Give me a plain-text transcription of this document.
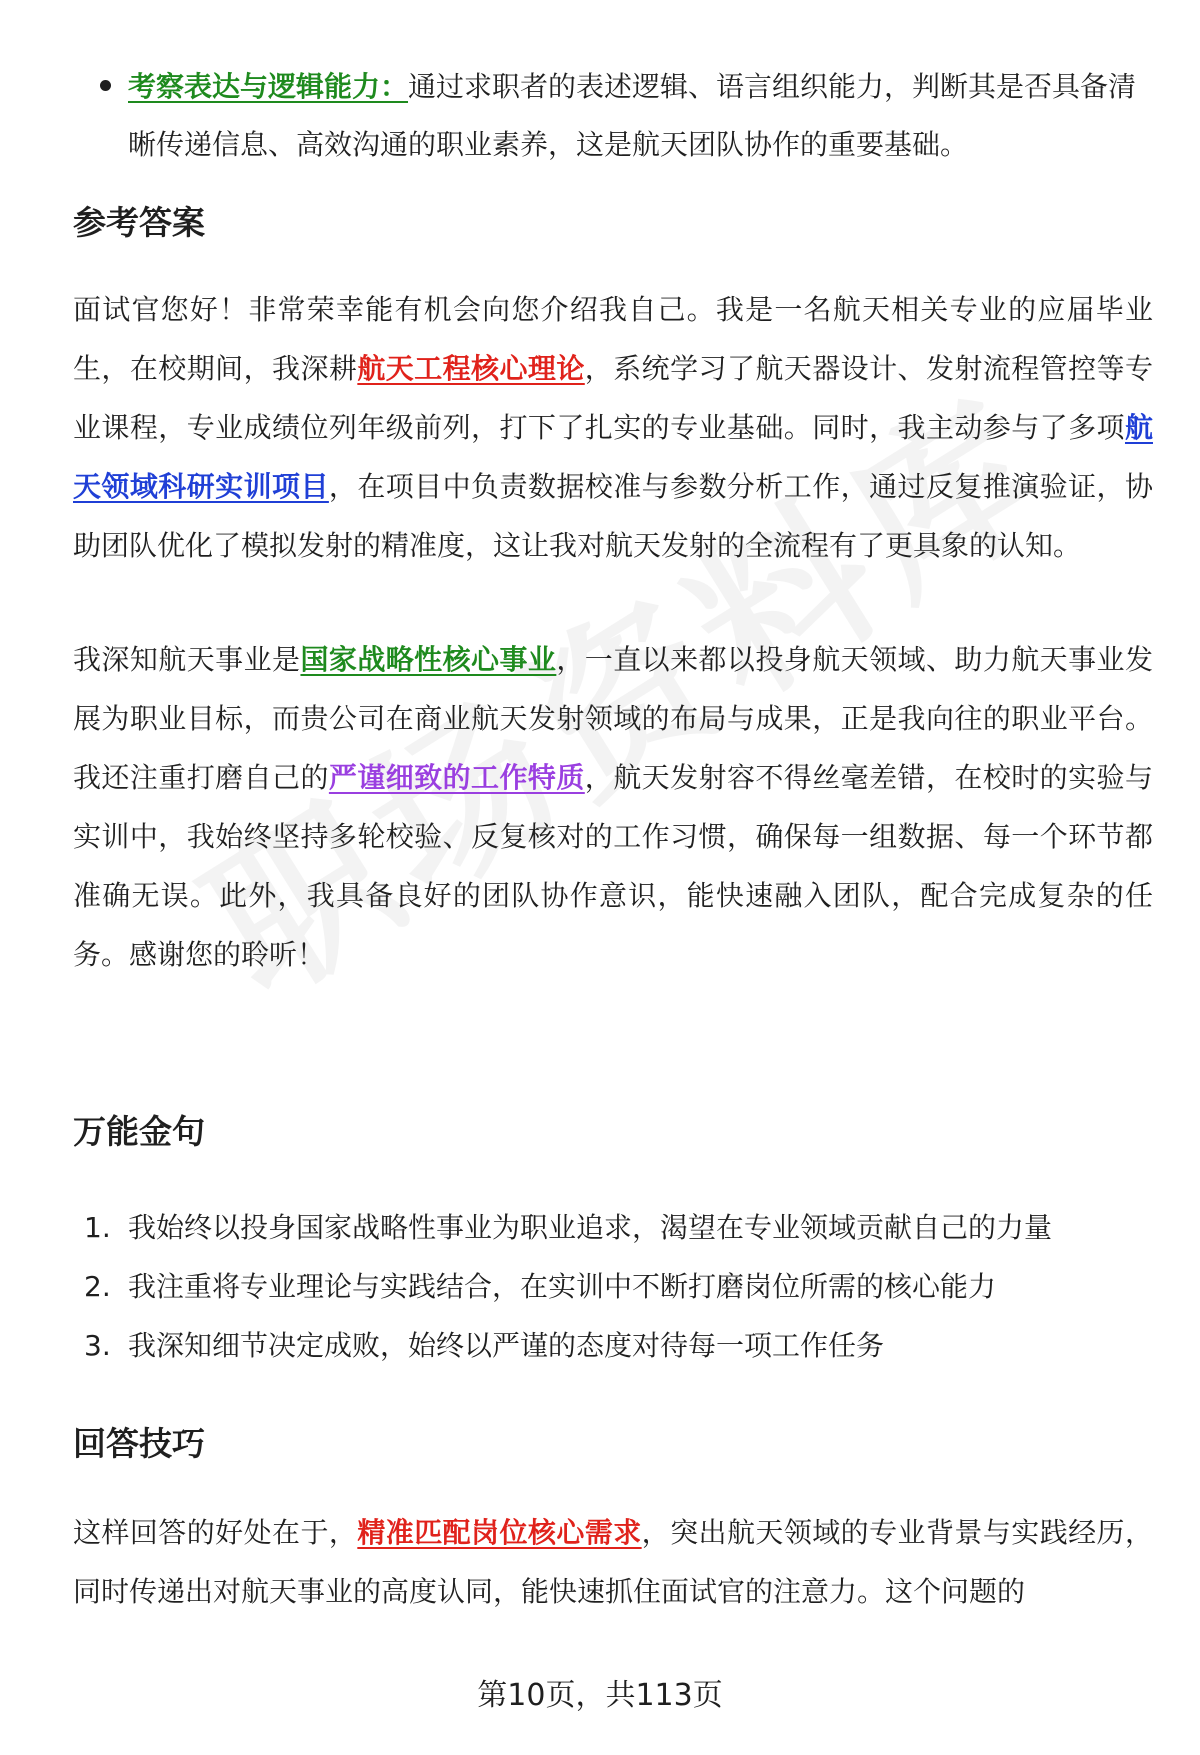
考察表达与逻辑能力：通过求职者的表述逻辑、语言组织能力，判断其是否具备清晰传递信息、高效沟通的职业素养，这是航天团队协作的重要基础。
参考答案
面试官您好！非常荣幸能有机会向您介绍我自己。我是一名航天相关专业的应届毕业生，在校期间，我深耕航天工程核心理论，系统学习了航天器设计、发射流程管控等专业课程，专业成绩位列年级前列，打下了扎实的专业基础。同时，我主动参与了多项航天领域科研实训项目，在项目中负责数据校准与参数分析工作，通过反复推演验证，协助团队优化了模拟发射的精准度，这让我对航天发射的全流程有了更具象的认知。
我深知航天事业是国家战略性核心事业，一直以来都以投身航天领域、助力航天事业发展为职业目标，而贵公司在商业航天发射领域的布局与成果，正是我向往的职业平台。我还注重打磨自己的严谨细致的工作特质，航天发射容不得丝毫差错，在校时的实验与实训中，我始终坚持多轮校验、反复核对的工作习惯，确保每一组数据、每一个环节都准确无误。此外，我具备良好的团队协作意识，能快速融入团队，配合完成复杂的任务。感谢您的聆听！
万能金句
1. 我始终以投身国家战略性事业为职业追求，渴望在专业领域贡献自己的力量
2. 我注重将专业理论与实践结合，在实训中不断打磨岗位所需的核心能力
3. 我深知细节决定成败，始终以严谨的态度对待每一项工作任务
回答技巧
这样回答的好处在于，精准匹配岗位核心需求，突出航天领域的专业背景与实践经历，同时传递出对航天事业的高度认同，能快速抓住面试官的注意力。这个问题的
第10页，共113页
